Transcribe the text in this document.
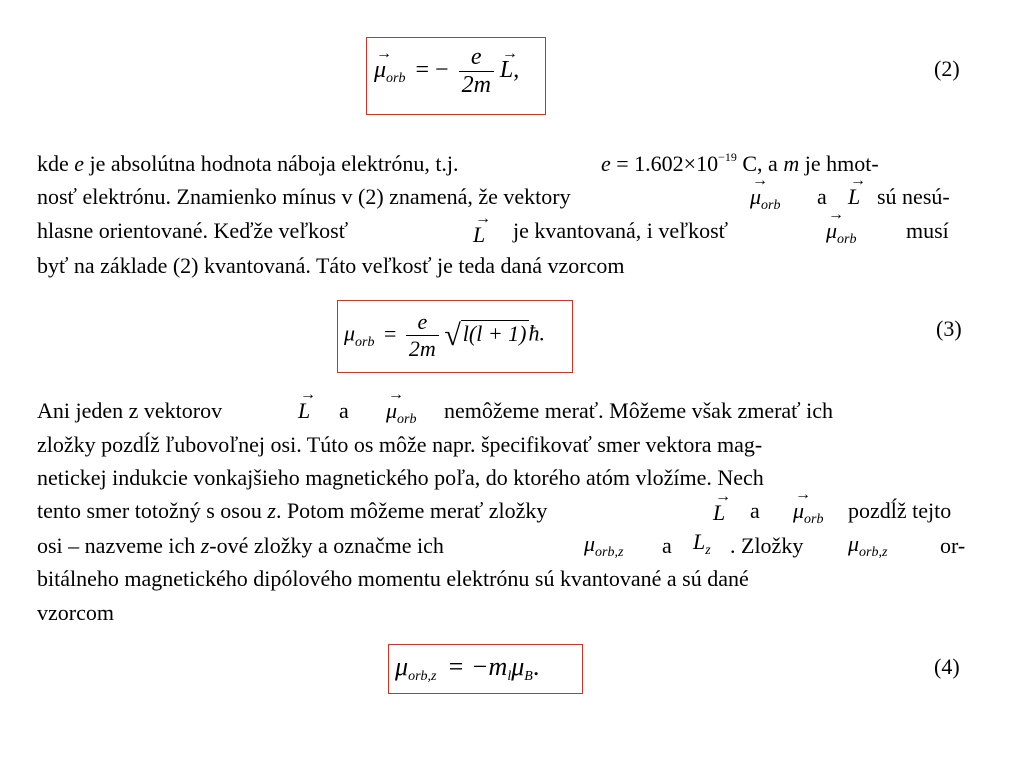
→
$\mu_{orb}$ = − $\frac{e}{2m}$
→
L,	(2)
kde e je absolútna hodnota náboja elektrónu, t.j.	$e = 1.602\times 10^{-19}$ C, a m je hmot-
nosť elektrónu. Znamienko mínus v (2) znamená, že vektory
→
$\mu_{orb}$ a
→
L sú nesú-
hlasne orientované. Keďže veľkosť	→
L je kvantovaná, i veľkosť
→
$\mu_{orb}$ musí
byť na základe (2) kvantovaná. Táto veľkosť je teda daná vzorcom
$\mu_{orb} = \frac{e}{2m} √l(l$ + 1)ħ.	(3)
Ani jeden z vektorov
→
L a
→
$\mu_{orb}$ nemôžeme merať. Môžeme však zmerať ich
zložky pozdĺž ľubovoľnej osi. Túto os môže napr. špecifikovať smer vektora mag-
netickej indukcie vonkajšieho magnetického poľa, do ktorého atóm vložíme. Nech
tento smer totožný s osou z. Potom môžeme merať zložky
→
L a
→
$\mu_{orb}$ pozdĺž tejto
osi – nazveme ich z-ové zložky a označme ich	$\mu_{orb,z}$ a $L_z$ . Zložky $\mu_{orb,z}$ or-
bitálneho magnetického dipólového momentu elektrónu sú kvantované a sú dané
vzorcom
μorb,z = −mlμB.	(4)
